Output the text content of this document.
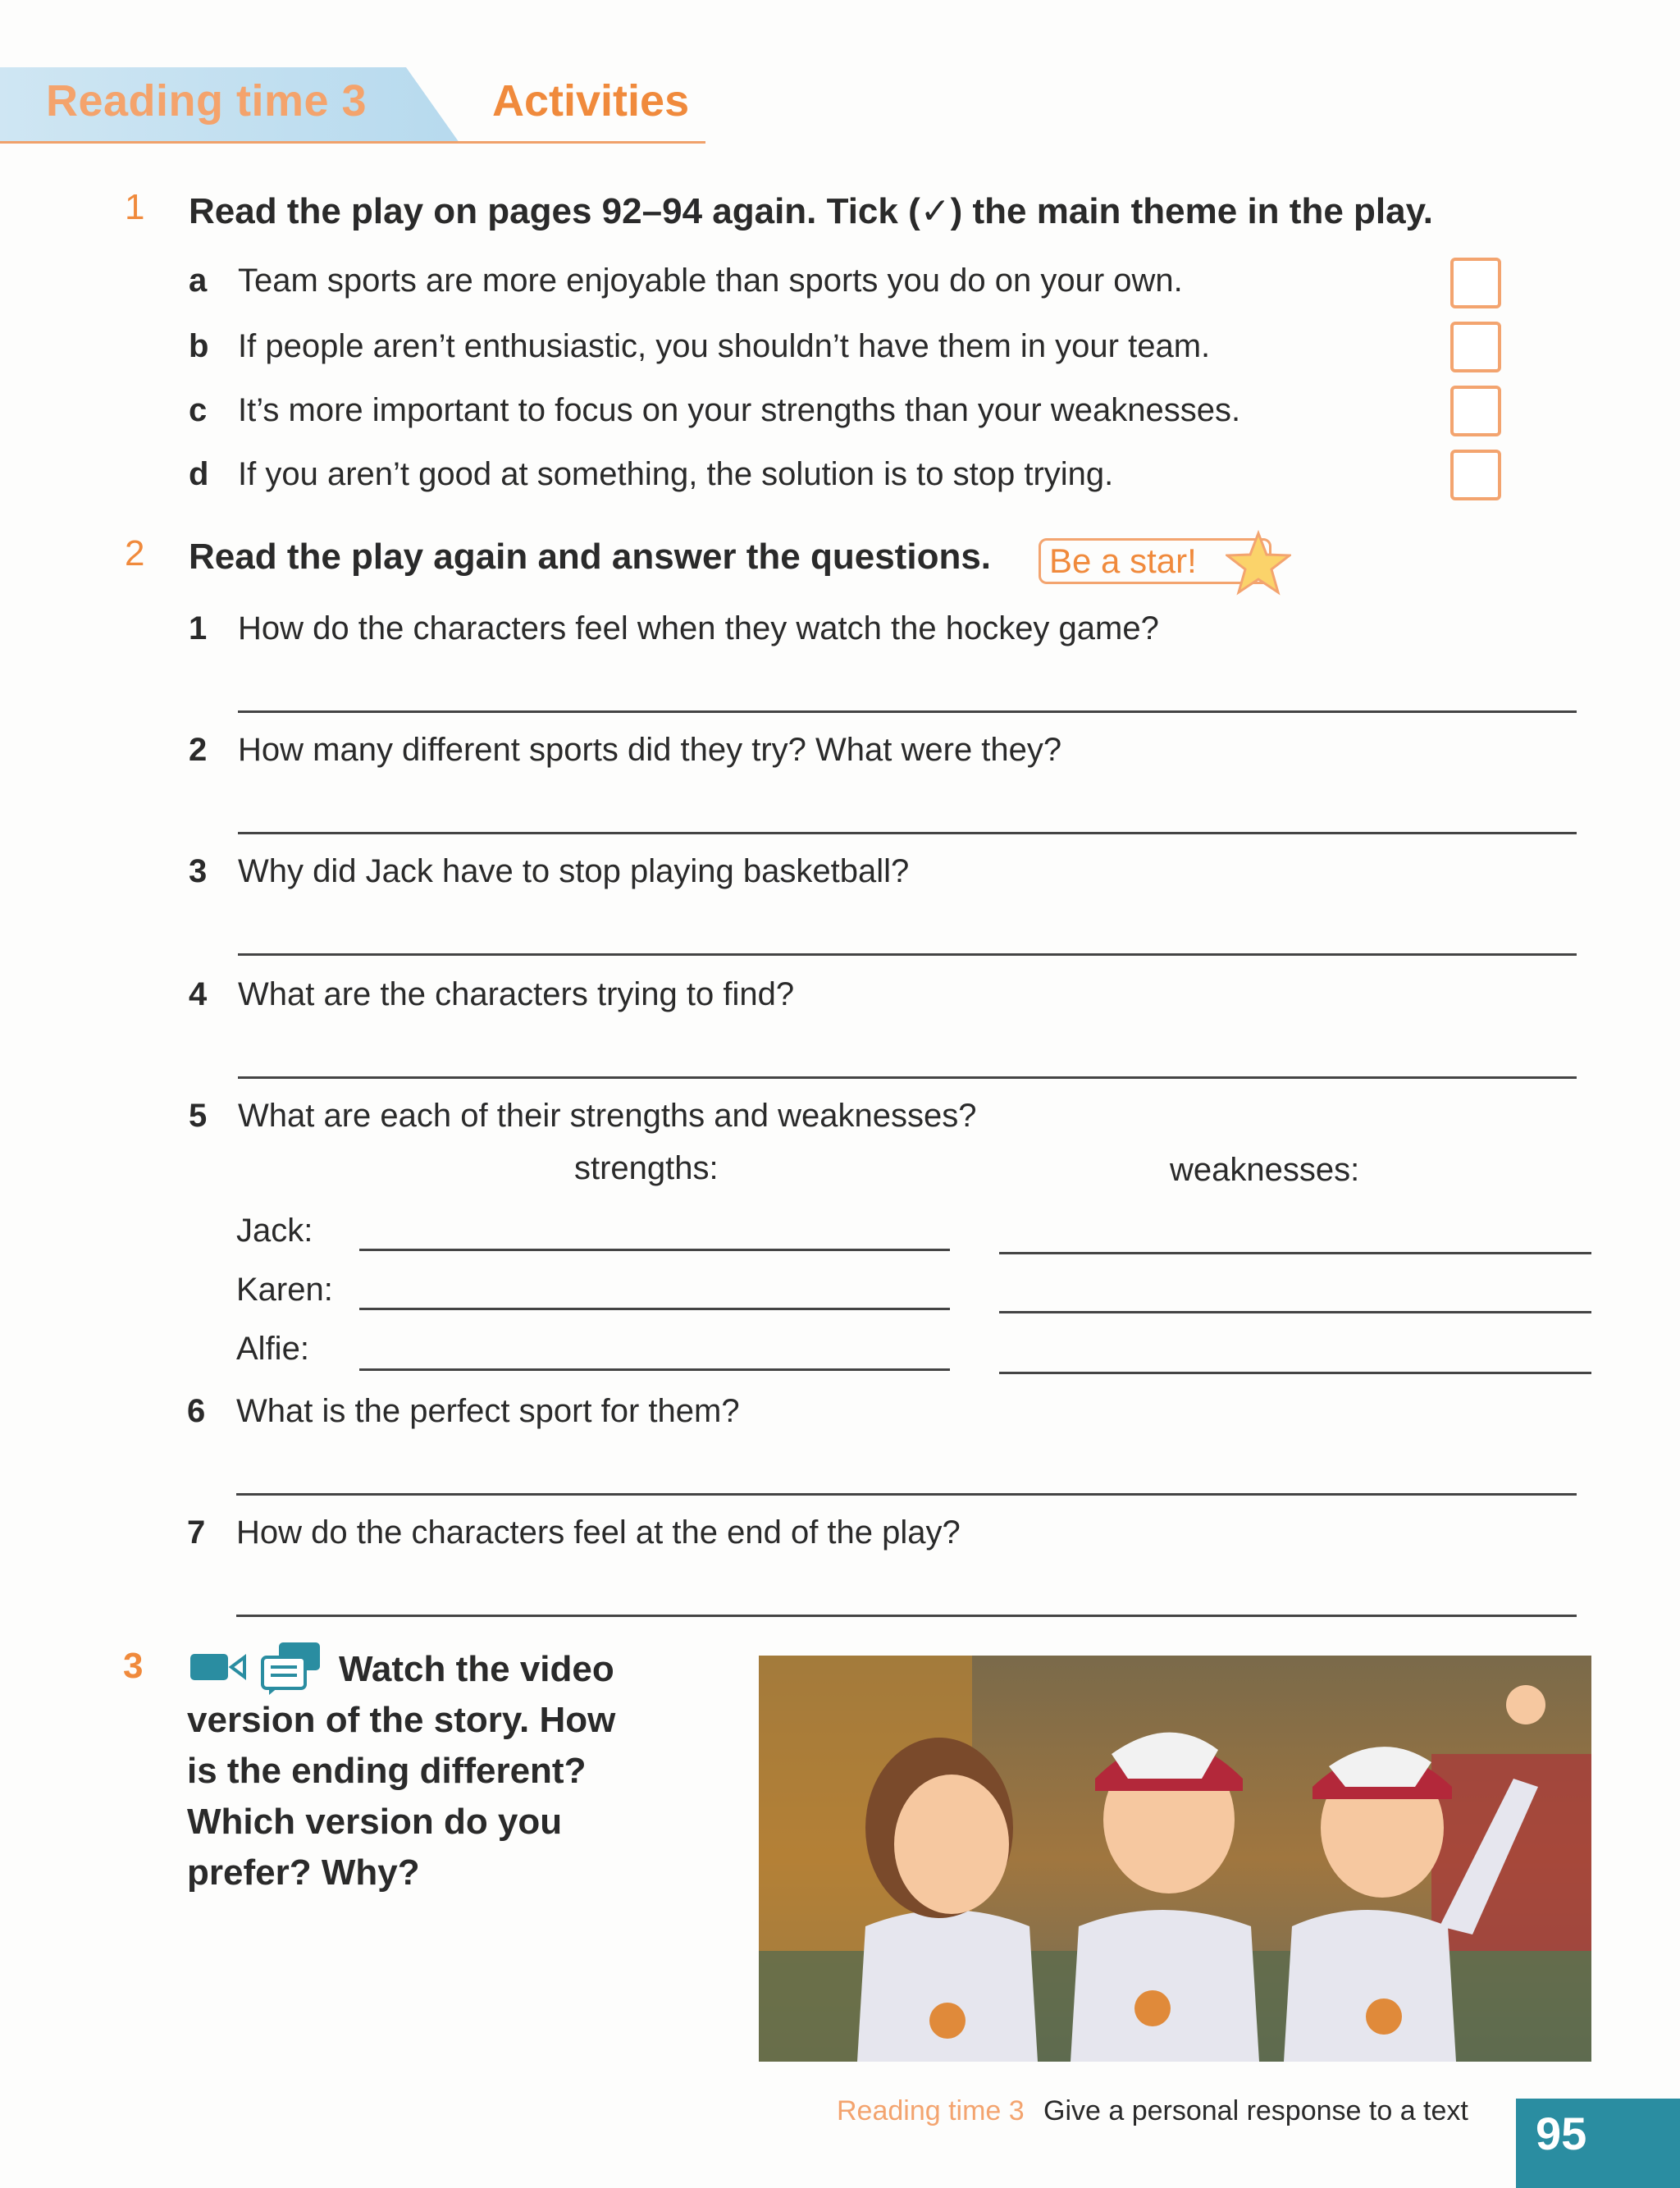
Reading time 3	Activities
1 Read the play on pages 92–94 again. Tick (✓) the main theme in the play.
a Team sports are more enjoyable than sports you do on your own.
b If people aren’t enthusiastic, you shouldn’t have them in your team.
c It’s more important to focus on your strengths than your weaknesses.
d If you aren’t good at something, the solution is to stop trying.
2 Read the play again and answer the questions.	Be a star!
1 How do the characters feel when they watch the hockey game?
2 How many different sports did they try? What were they?
3 Why did Jack have to stop playing basketball?
4 What are the characters trying to find?
5 What are each of their strengths and weaknesses?
strengths:	weaknesses:
Jack:
Karen:
Alfie:
6 What is the perfect sport for them?
7 How do the characters feel at the end of the play?
3	Watch the video version of the story. How is the ending different? Which version do you prefer? Why?
Reading time 3 Give a personal response to a text 95
